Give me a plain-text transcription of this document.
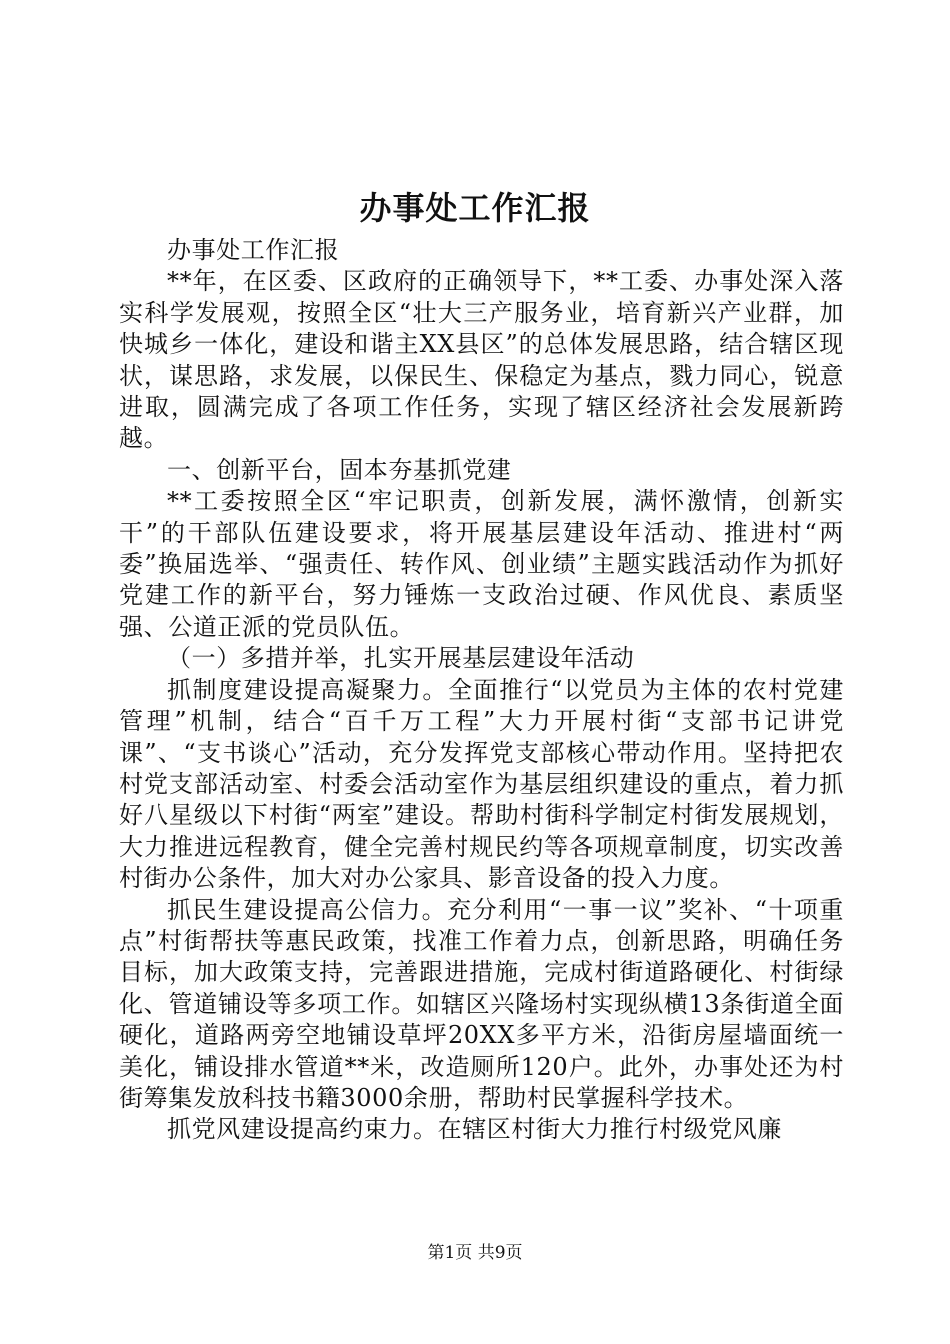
办事处工作汇报

办事处工作汇报

**年，在区委、区政府的正确领导下，**工委、办事处深入落实科学发展观，按照全区“壮大三产服务业，培育新兴产业群，加快城乡一体化，建设和谐主XX县区”的总体发展思路，结合辖区现状，谋思路，求发展，以保民生、保稳定为基点，戮力同心，锐意进取，圆满完成了各项工作任务，实现了辖区经济社会发展新跨越。

一、创新平台，固本夯基抓党建

**工委按照全区“牢记职责，创新发展，满怀激情，创新实干”的干部队伍建设要求，将开展基层建设年活动、推进村“两委”换届选举、“强责任、转作风、创业绩”主题实践活动作为抓好党建工作的新平台，努力锤炼一支政治过硬、作风优良、素质坚强、公道正派的党员队伍。

（一）多措并举，扎实开展基层建设年活动

抓制度建设提高凝聚力。全面推行“以党员为主体的农村党建管理”机制，结合“百千万工程”大力开展村街“支部书记讲党课”、“支书谈心”活动，充分发挥党支部核心带动作用。坚持把农村党支部活动室、村委会活动室作为基层组织建设的重点，着力抓好八星级以下村街“两室”建设。帮助村街科学制定村街发展规划，大力推进远程教育，健全完善村规民约等各项规章制度，切实改善村街办公条件，加大对办公家具、影音设备的投入力度。

抓民生建设提高公信力。充分利用“一事一议”奖补、“十项重点”村街帮扶等惠民政策，找准工作着力点，创新思路，明确任务目标，加大政策支持，完善跟进措施，完成村街道路硬化、村街绿化、管道铺设等多项工作。如辖区兴隆场村实现纵横13条街道全面硬化，道路两旁空地铺设草坪20XX多平方米，沿街房屋墙面统一美化，铺设排水管道**米，改造厕所120户。此外，办事处还为村街筹集发放科技书籍3000余册，帮助村民掌握科学技术。

抓党风建设提高约束力。在辖区村街大力推行村级党风廉

第1页 共9页
